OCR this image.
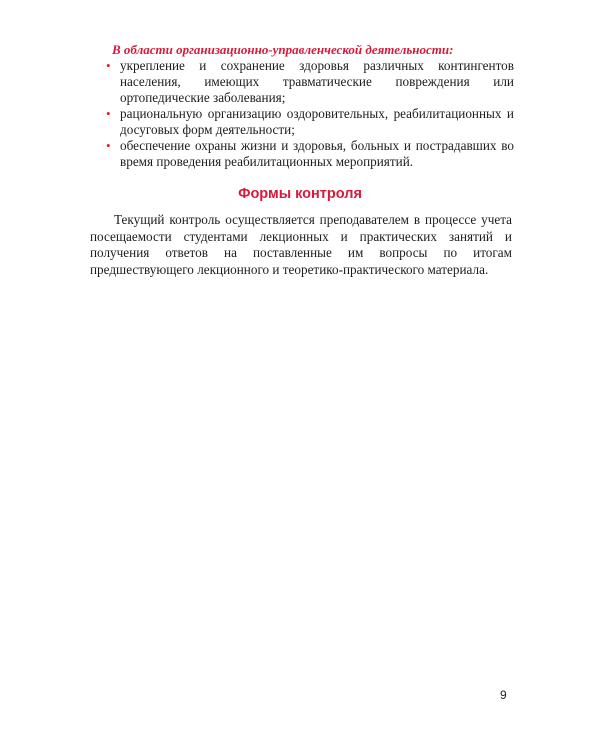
В области организационно-управленческой деятельности:
• укрепление и сохранение здоровья различных контингентов населения, имеющих травматические повреждения или ортопедические заболевания;
• рациональную организацию оздоровительных, реабилитационных и досуговых форм деятельности;
• обеспечение охраны жизни и здоровья, больных и пострадавших во время проведения реабилитационных мероприятий.
Формы контроля

Текущий контроль осуществляется преподавателем в процессе учета посещаемости студентами лекционных и практических занятий и получения ответов на поставленные им вопросы по итогам предшествующего лекционного и теоретико-практического материала.

9
